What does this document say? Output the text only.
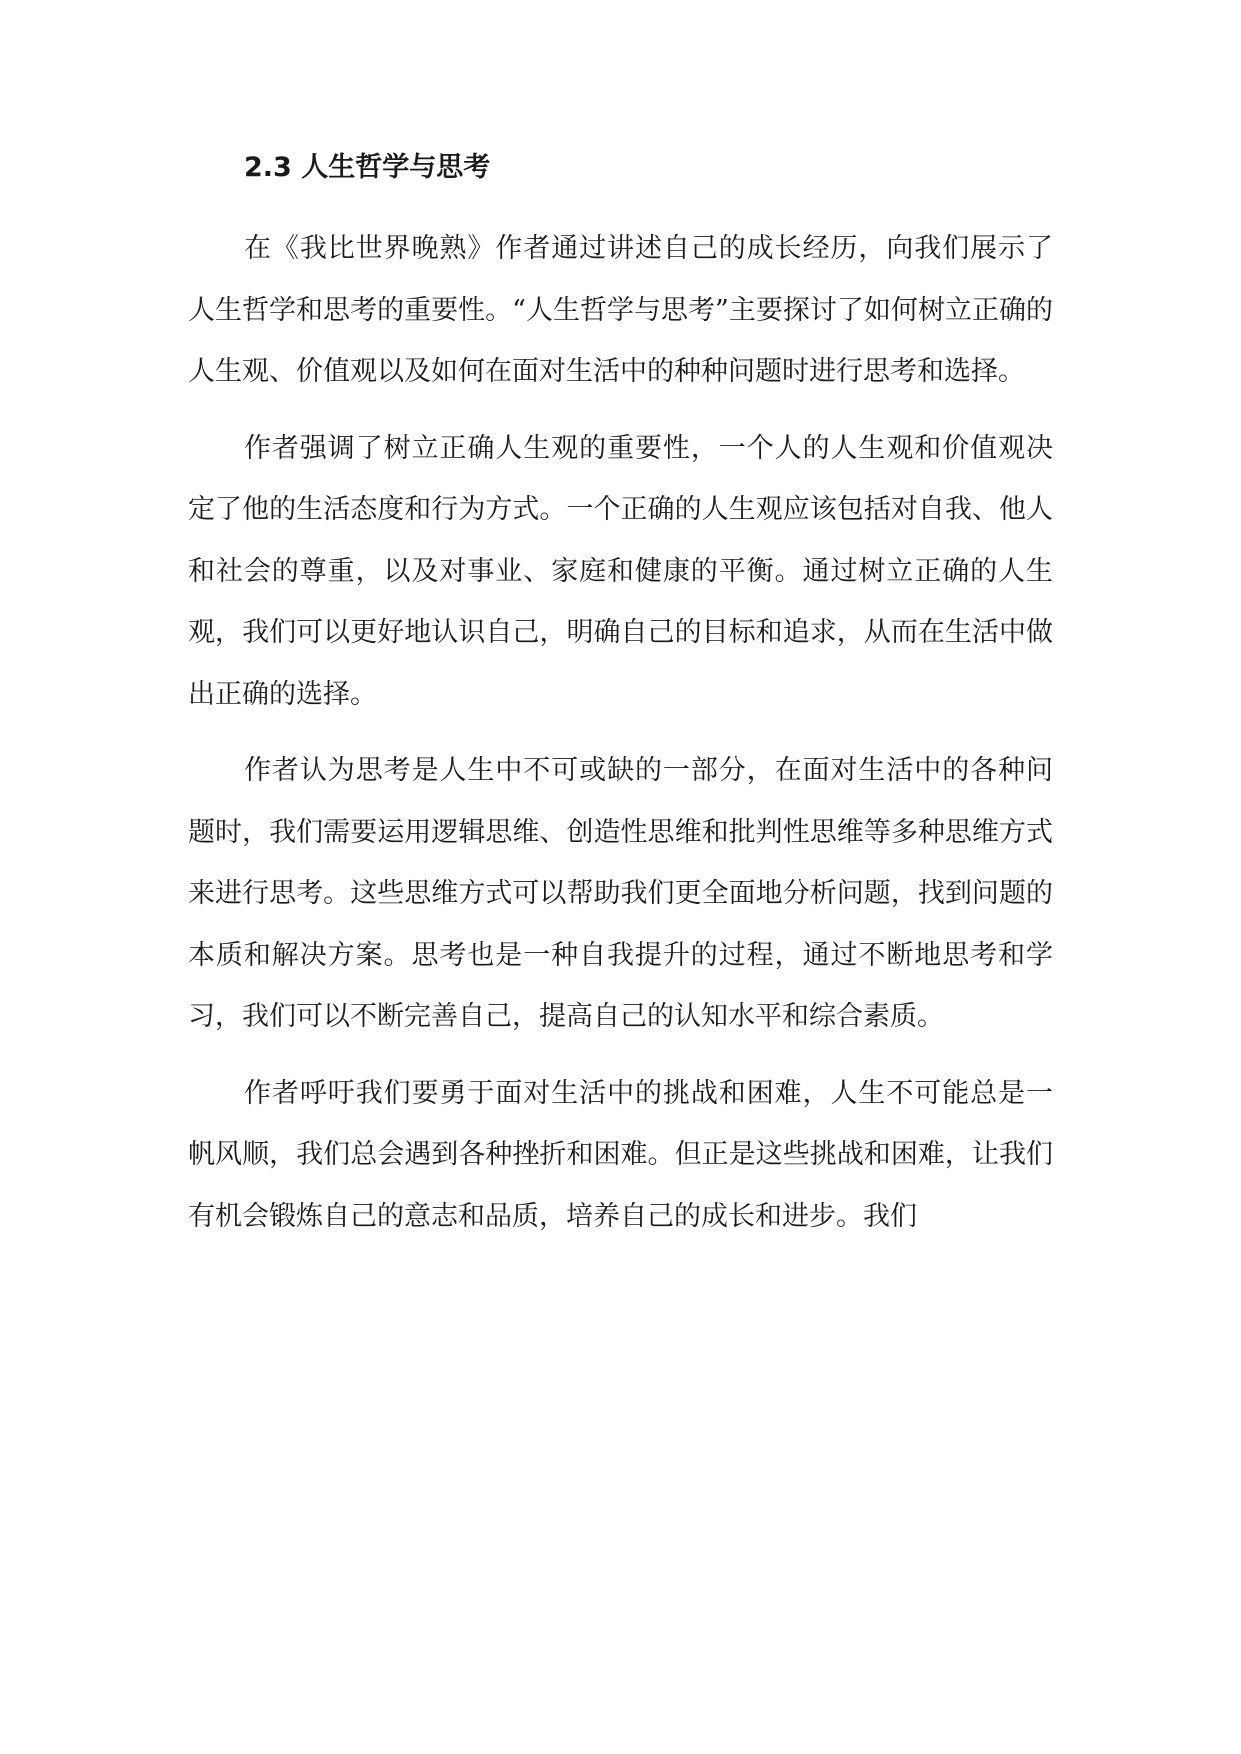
2.3 人生哲学与思考

在《我比世界晚熟》作者通过讲述自己的成长经历，向我们展示了人生哲学和思考的重要性。“人生哲学与思考”主要探讨了如何树立正确的人生观、价值观以及如何在面对生活中的种种问题时进行思考和选择。

作者强调了树立正确人生观的重要性，一个人的人生观和价值观决定了他的生活态度和行为方式。一个正确的人生观应该包括对自我、他人和社会的尊重，以及对事业、家庭和健康的平衡。通过树立正确的人生观，我们可以更好地认识自己，明确自己的目标和追求，从而在生活中做出正确的选择。

作者认为思考是人生中不可或缺的一部分，在面对生活中的各种问题时，我们需要运用逻辑思维、创造性思维和批判性思维等多种思维方式来进行思考。这些思维方式可以帮助我们更全面地分析问题，找到问题的本质和解决方案。思考也是一种自我提升的过程，通过不断地思考和学习，我们可以不断完善自己，提高自己的认知水平和综合素质。

作者呼吁我们要勇于面对生活中的挑战和困难，人生不可能总是一帆风顺，我们总会遇到各种挫折和困难。但正是这些挑战和困难，让我们有机会锻炼自己的意志和品质，培养自己的成长和进步。我们
